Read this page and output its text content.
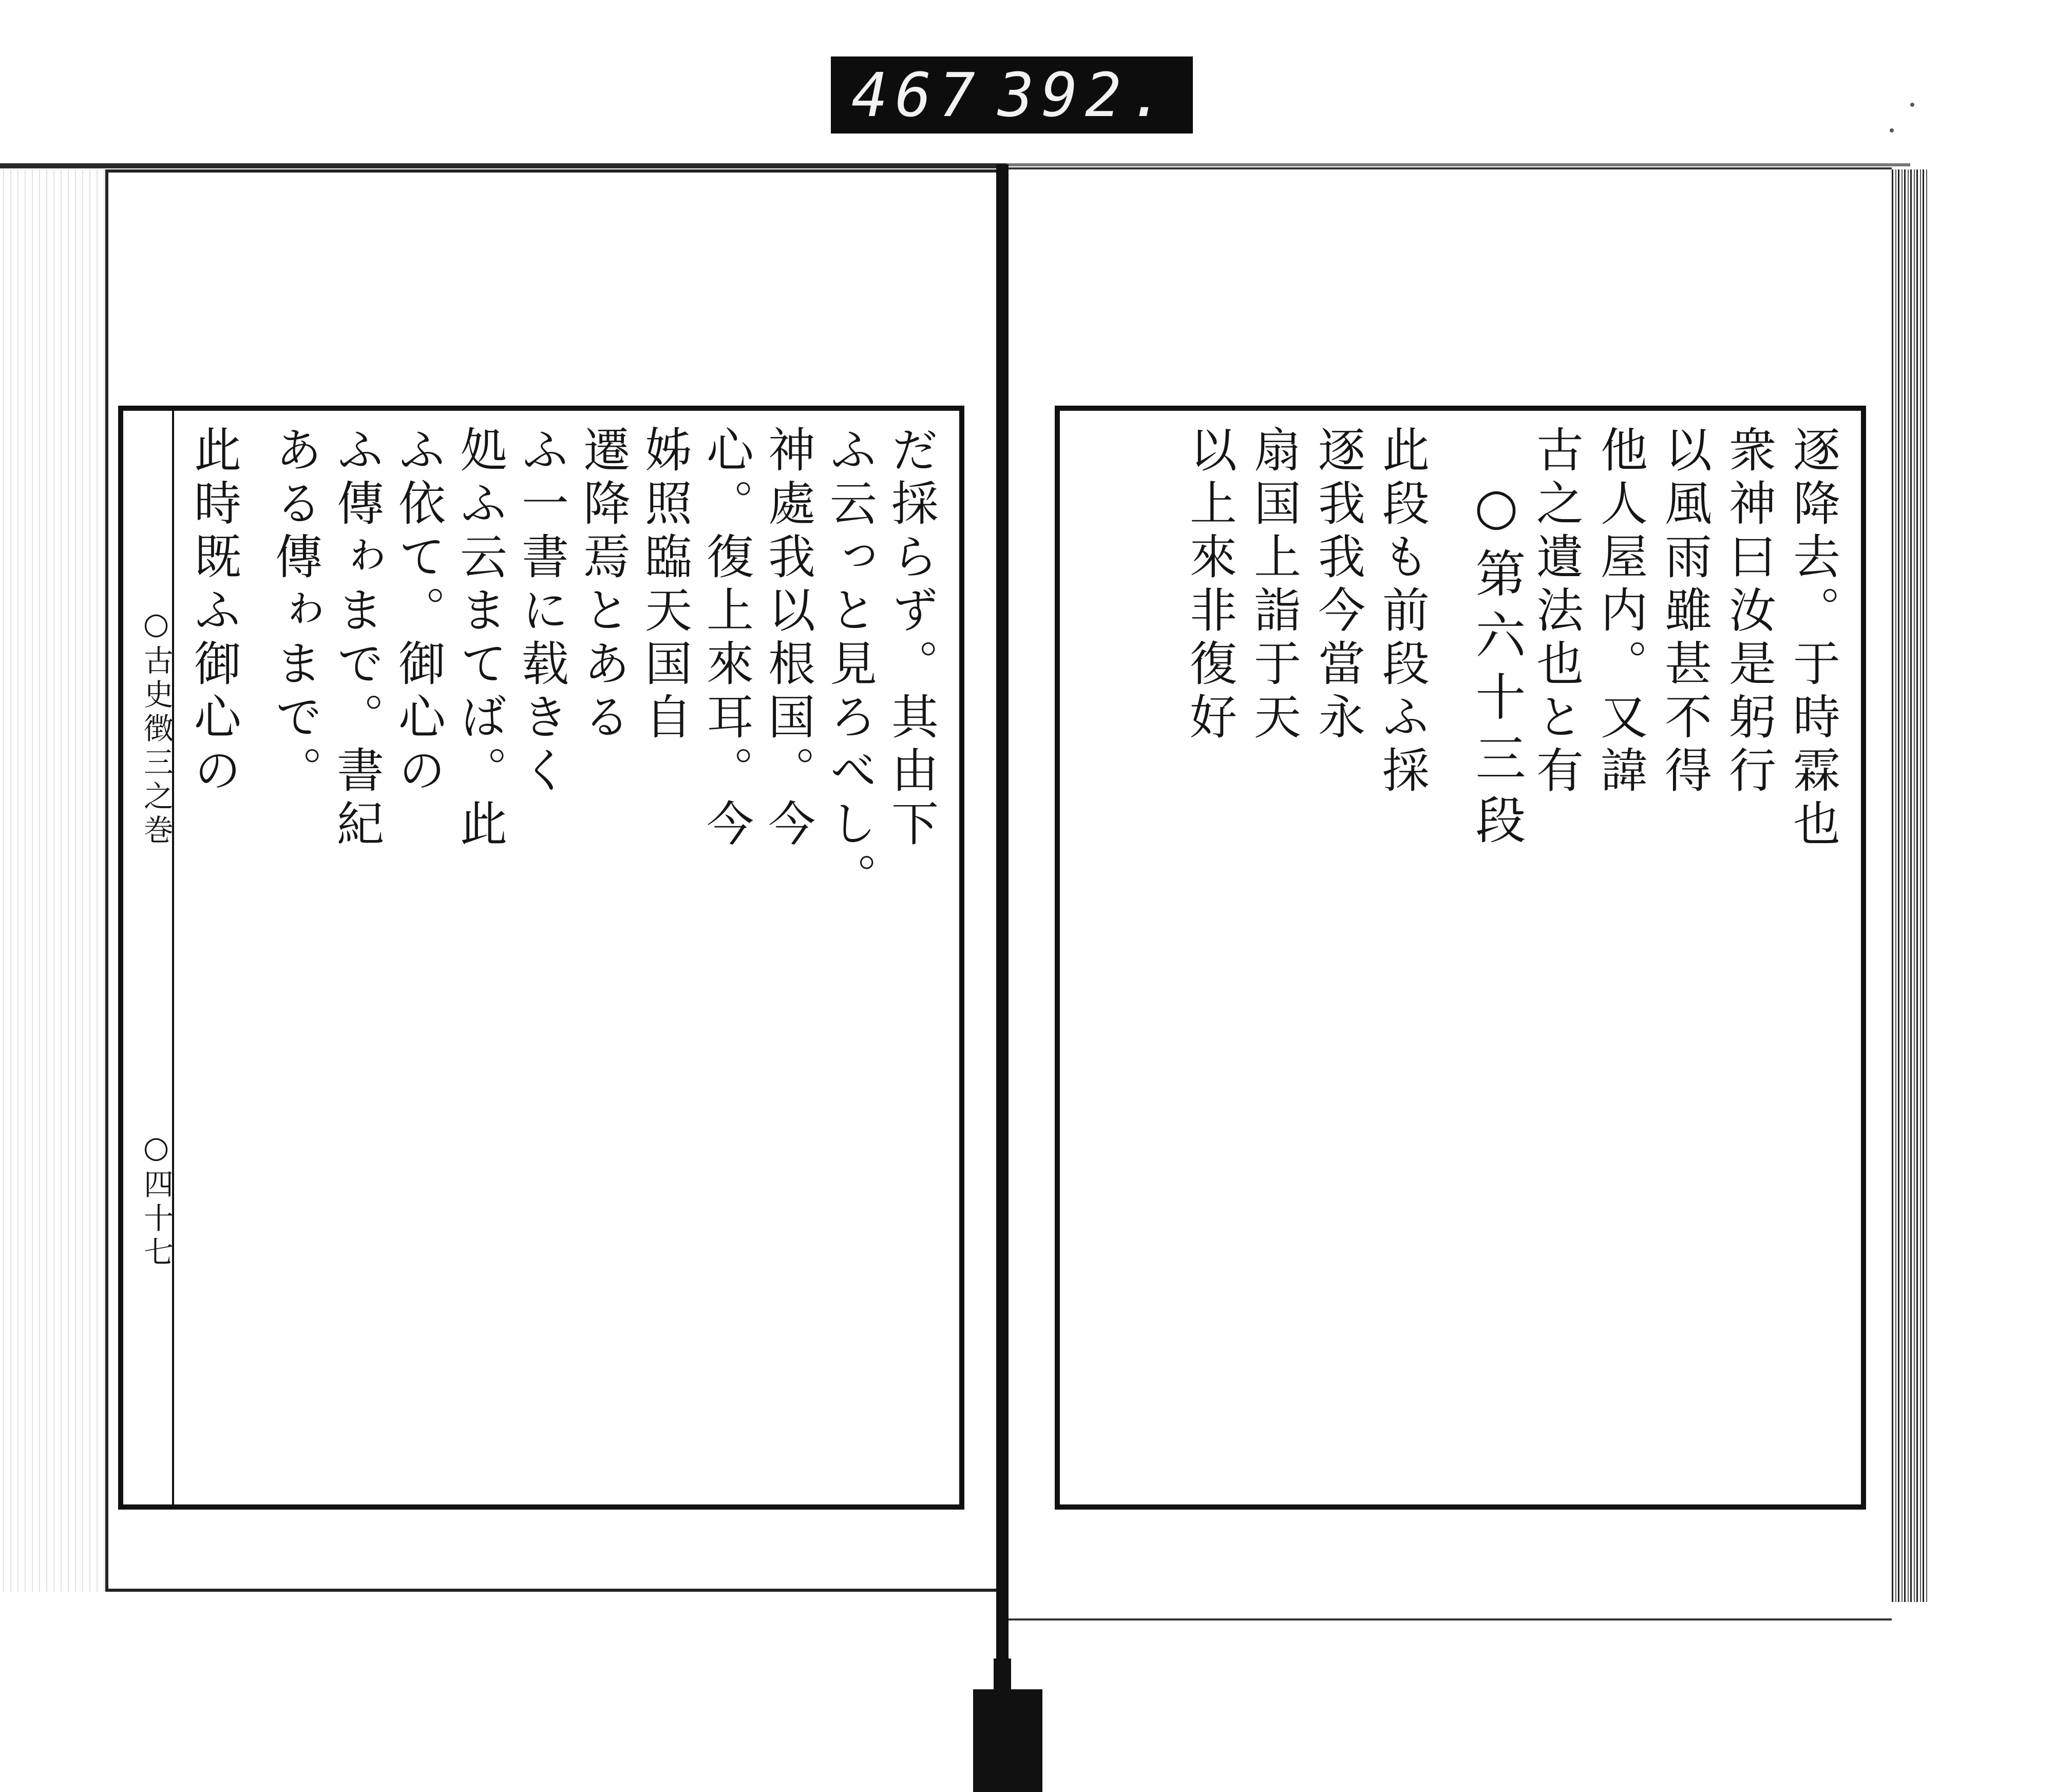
467 392.
○古史徴三之巻
○四十七
だ採らず。其由下
ふ云っと見ろべし。
神處我以根国。今
心。復上來耳。今
姊照臨天国自
遷降焉とある
ふ一書に载きく
処ふ云まてば。此
ふ依て。御心の
ふ傳ゎまで。書紀
ある傳ゎまで。
此時既ふ御心の	逐降去。于時霖也
衆神曰汝是躬行
以風雨雖甚不得
他人屋内。又諱
古之遺法也と有
○第六十三段
此段も前段ふ採
逐我我今當永
扇国上詣于天
以上來非復好
